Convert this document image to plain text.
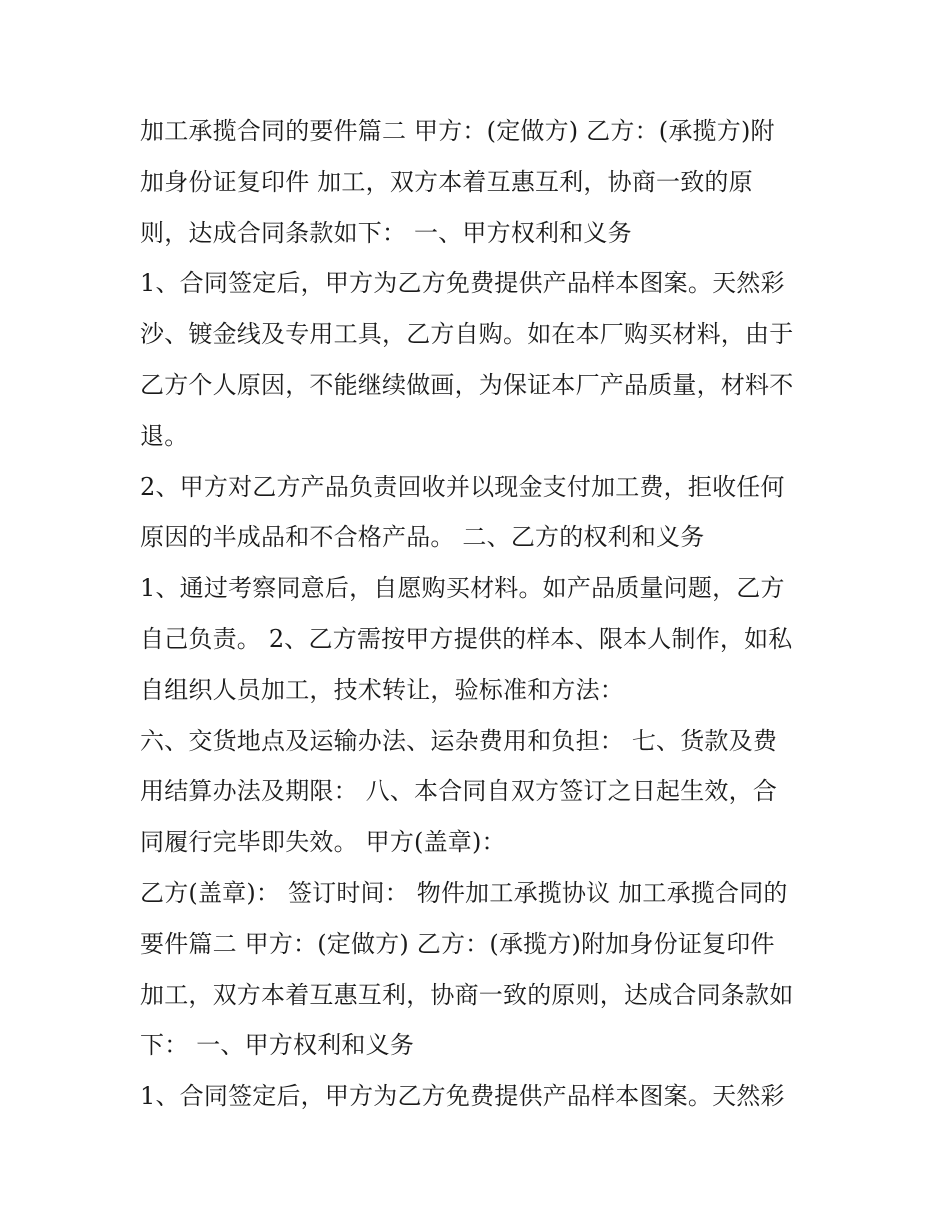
加工承揽合同的要件篇二 甲方：(定做方) 乙方：(承揽方)附
加身份证复印件 加工，双方本着互惠互利，协商一致的原
则，达成合同条款如下： 一、甲方权利和义务
1、合同签定后，甲方为乙方免费提供产品样本图案。天然彩
沙、镀金线及专用工具，乙方自购。如在本厂购买材料，由于
乙方个人原因，不能继续做画，为保证本厂产品质量，材料不
退。
2、甲方对乙方产品负责回收并以现金支付加工费，拒收任何
原因的半成品和不合格产品。 二、乙方的权利和义务
1、通过考察同意后，自愿购买材料。如产品质量问题，乙方
自己负责。 2、乙方需按甲方提供的样本、限本人制作，如私
自组织人员加工，技术转让，验标准和方法：
六、交货地点及运输办法、运杂费用和负担： 七、货款及费
用结算办法及期限： 八、本合同自双方签订之日起生效，合
同履行完毕即失效。 甲方(盖章)：
乙方(盖章)： 签订时间： 物件加工承揽协议 加工承揽合同的
要件篇二 甲方：(定做方) 乙方：(承揽方)附加身份证复印件
加工，双方本着互惠互利，协商一致的原则，达成合同条款如
下： 一、甲方权利和义务
1、合同签定后，甲方为乙方免费提供产品样本图案。天然彩
